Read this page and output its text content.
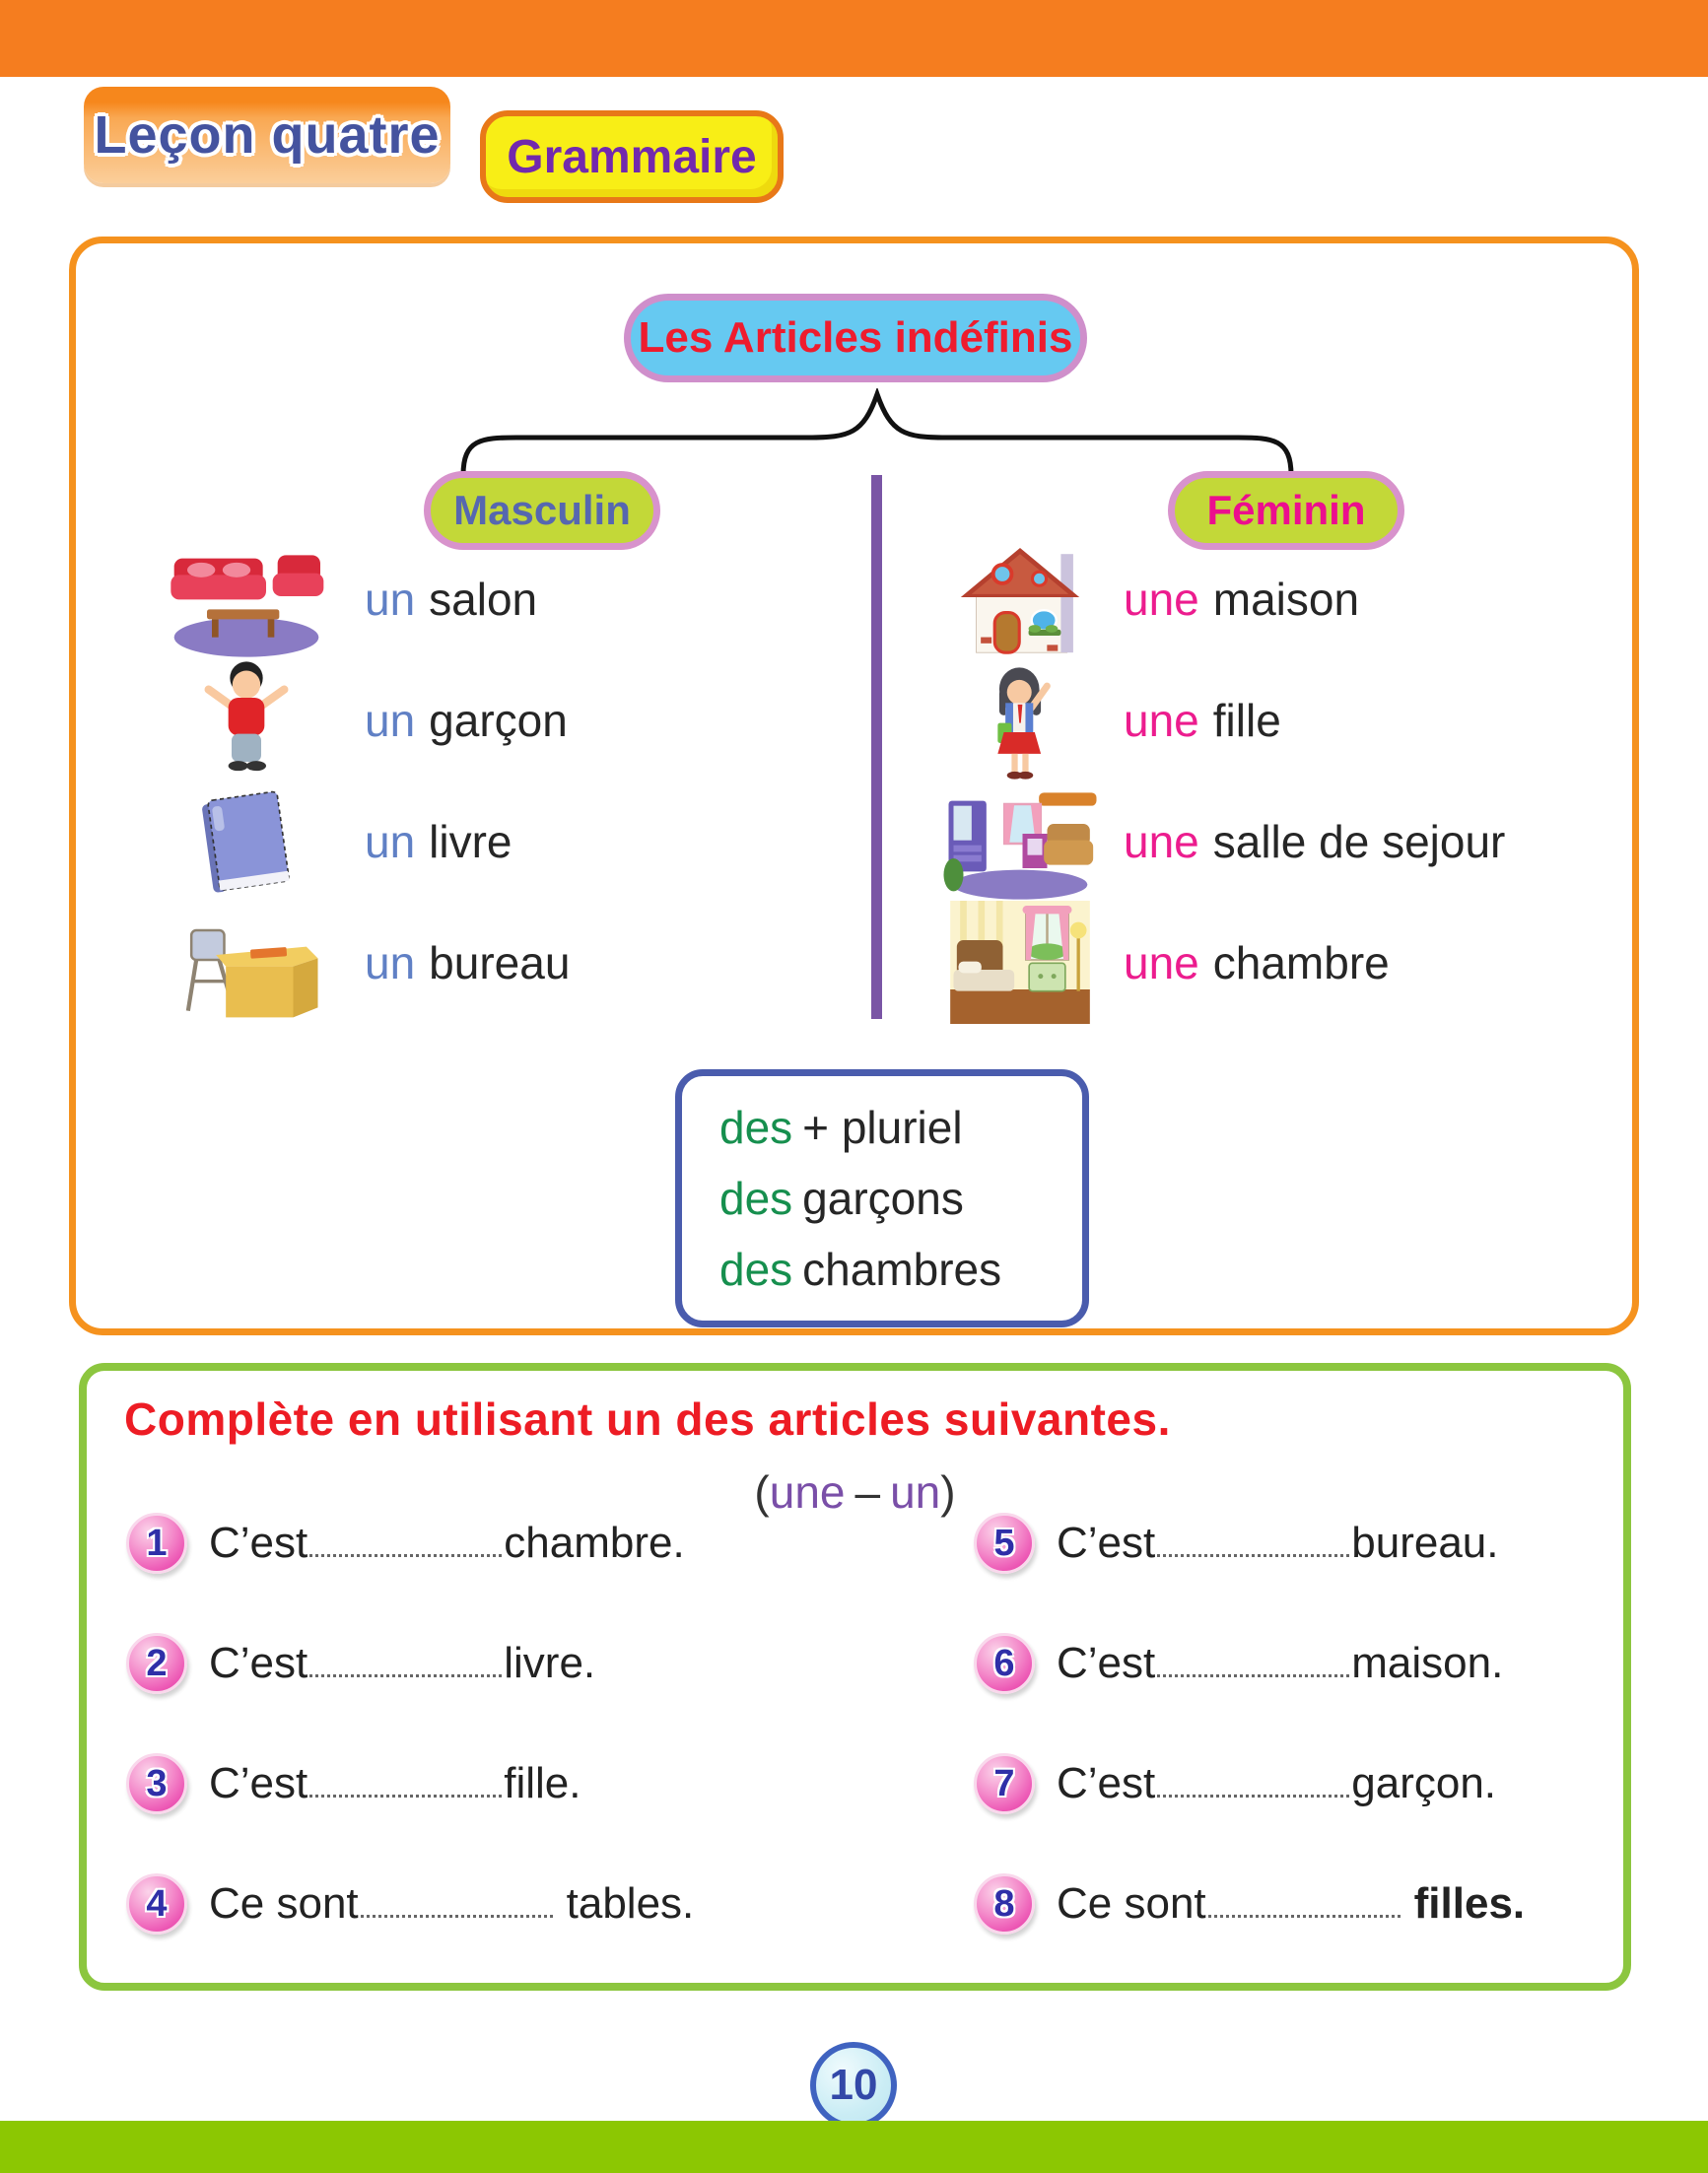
Leçon quatre Grammaire
Les Articles indéfinis
Masculin	Féminin
un salon
un garçon
un livre
un bureau
une maison
une fille
une salle de sejour
une chambre
des + pluriel
des garçons
des chambres
Complète en utilisant un des articles suivantes.
(une – un)
1 C’est	chambre.
2 C’est	livre.
3 C’est	fille.
4 Ce sont	tables.
5 C’est	bureau.
6 C’est	maison.
7 C’est	garçon.
8 Ce sont	filles.
10
